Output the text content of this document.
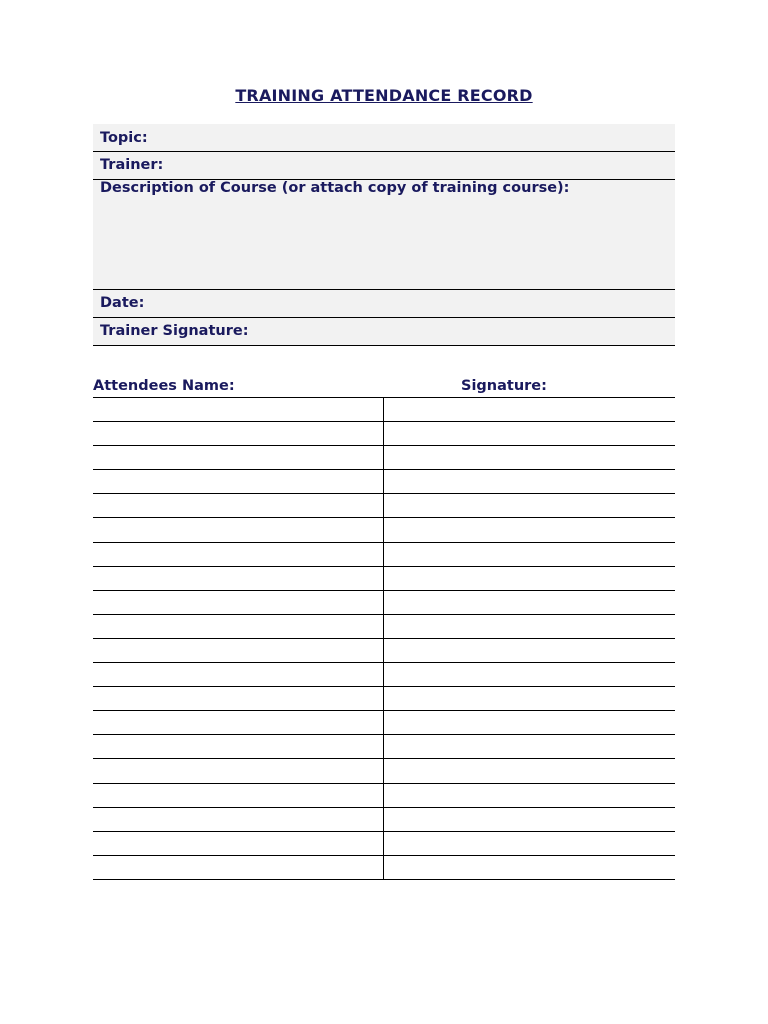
TRAINING ATTENDANCE RECORD
Topic:
Trainer:
Description of Course (or attach copy of training course):
Date:
Trainer Signature:
Attendees Name:	Signature:
